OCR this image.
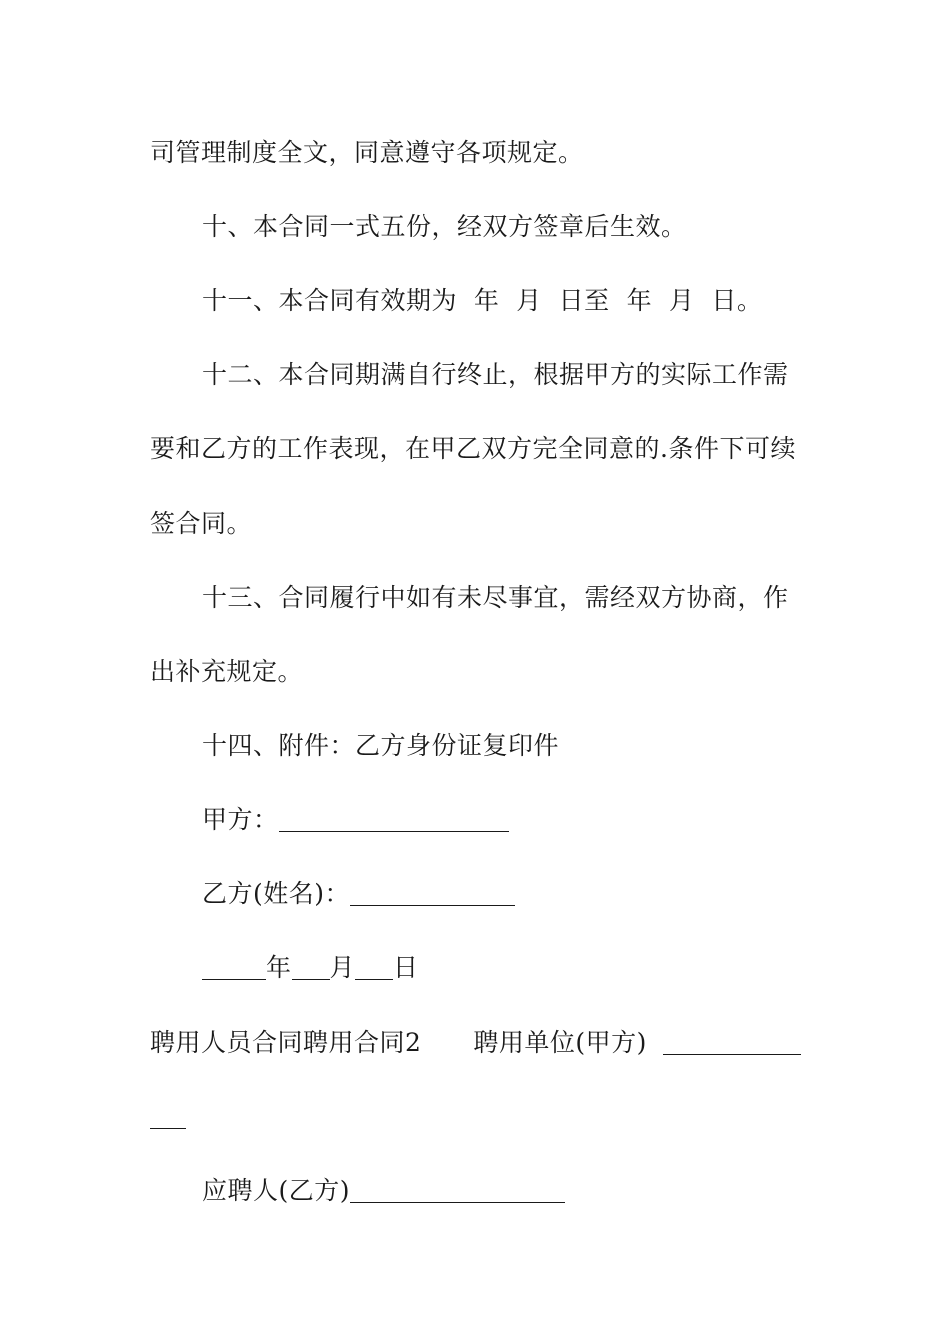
司管理制度全文，同意遵守各项规定。
十、本合同一式五份，经双方签章后生效。
十一、本合同有效期为  年  月  日至  年  月  日。
十二、本合同期满自行终止，根据甲方的实际工作需
要和乙方的工作表现，在甲乙双方完全同意的.条件下可续
签合同。
十三、合同履行中如有未尽事宜，需经双方协商，作
出补充规定。
十四、附件：乙方身份证复印件
甲方：
乙方(姓名)：
年 月 日
聘用人员合同聘用合同2 聘用单位(甲方)
应聘人(乙方)
